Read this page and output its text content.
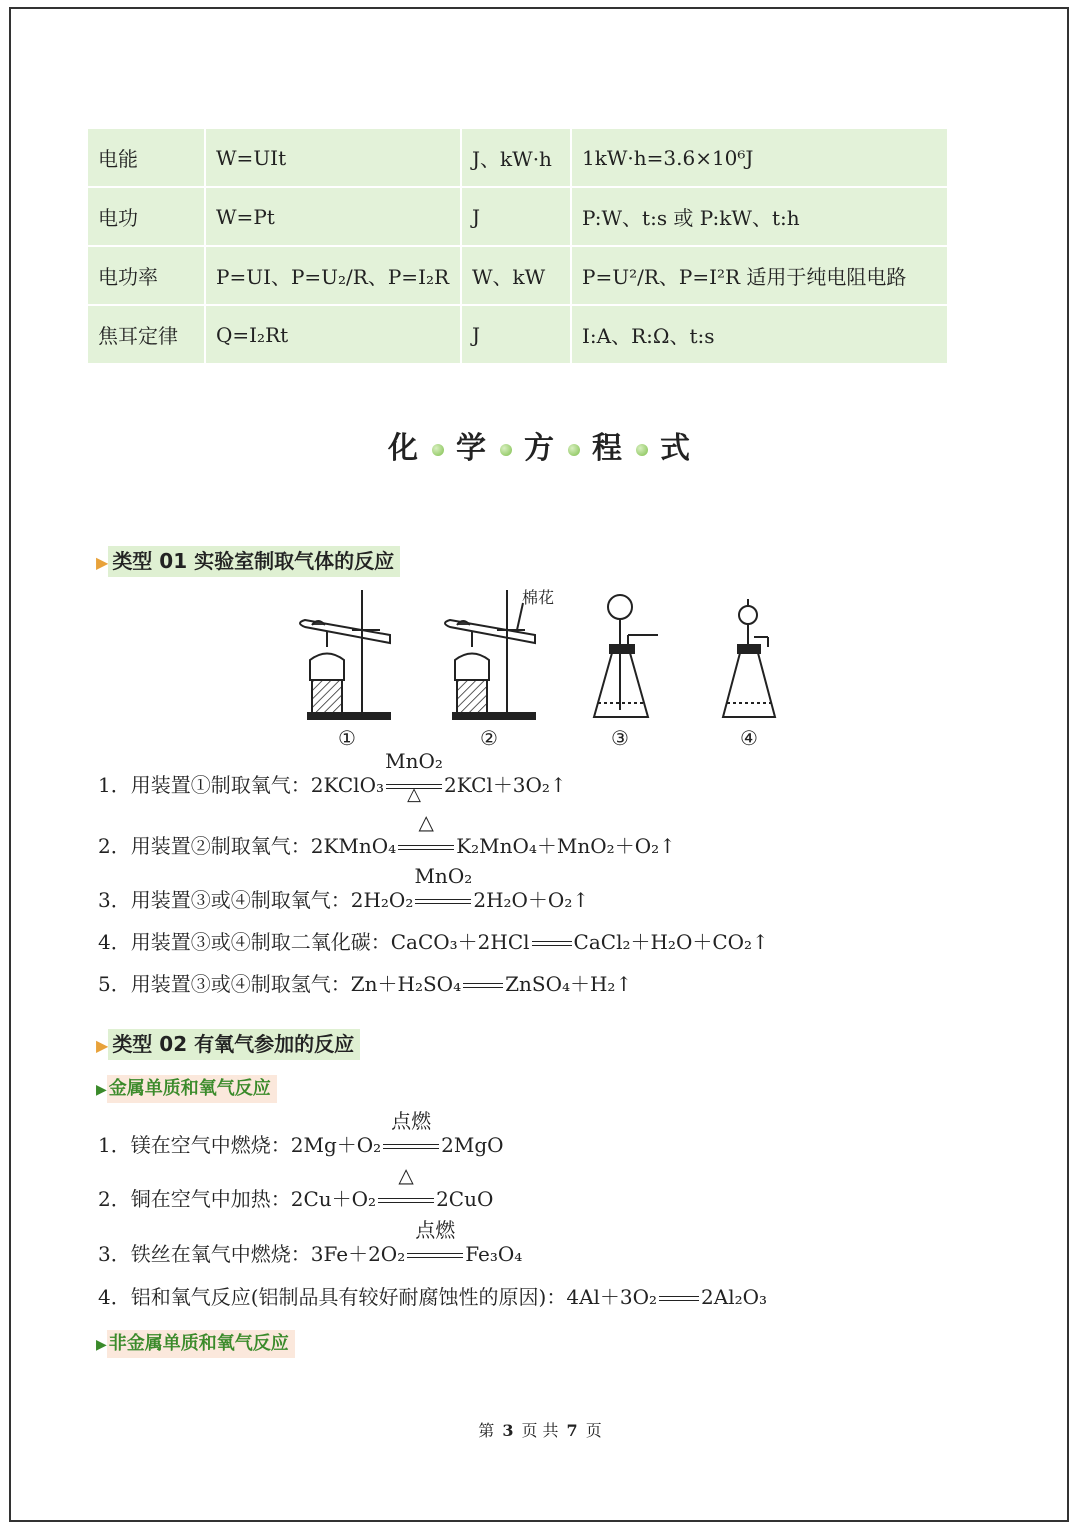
电能	W=UIt	J、kW·h	1kW·h=3.6×10⁶J
电功	W=Pt	J	P:W、t:s 或 P:kW、t:h
电功率	P=UI、P=U₂/R、P=I₂R	W、kW	P=U²/R、P=I²R 适用于纯电阻电路
焦耳定律	Q=I₂Rt	J	I:A、R:Ω、t:s
化 学 方 程 式
▶ 类型 01 实验室制取气体的反应
棉花
①	②	③	④
1．用装置①制取氧气：2KClO₃
MnO₂
△	2KCl＋3O₂↑
2．用装置②制取氧气：2KMnO₄
△
K₂MnO₄＋MnO₂＋O₂↑
3．用装置③或④制取氧气：2H₂O₂
MnO₂
2H₂O＋O₂↑
4．用装置③或④制取二氧化碳：CaCO₃＋2HCl CaCl₂＋H₂O＋CO₂↑
5．用装置③或④制取氢气：Zn＋H₂SO₄ ZnSO₄＋H₂↑
▶ 类型 02 有氧气参加的反应
▶ 金属单质和氧气反应
1．镁在空气中燃烧：2Mg＋O₂
点燃
2MgO
2．铜在空气中加热：2Cu＋O₂
△
2CuO
3．铁丝在氧气中燃烧：3Fe＋2O₂
点燃
Fe₃O₄
4．铝和氧气反应(铝制品具有较好耐腐蚀性的原因)：4Al＋3O₂ 2Al₂O₃
▶ 非金属单质和氧气反应
第 3 页 共 7 页
